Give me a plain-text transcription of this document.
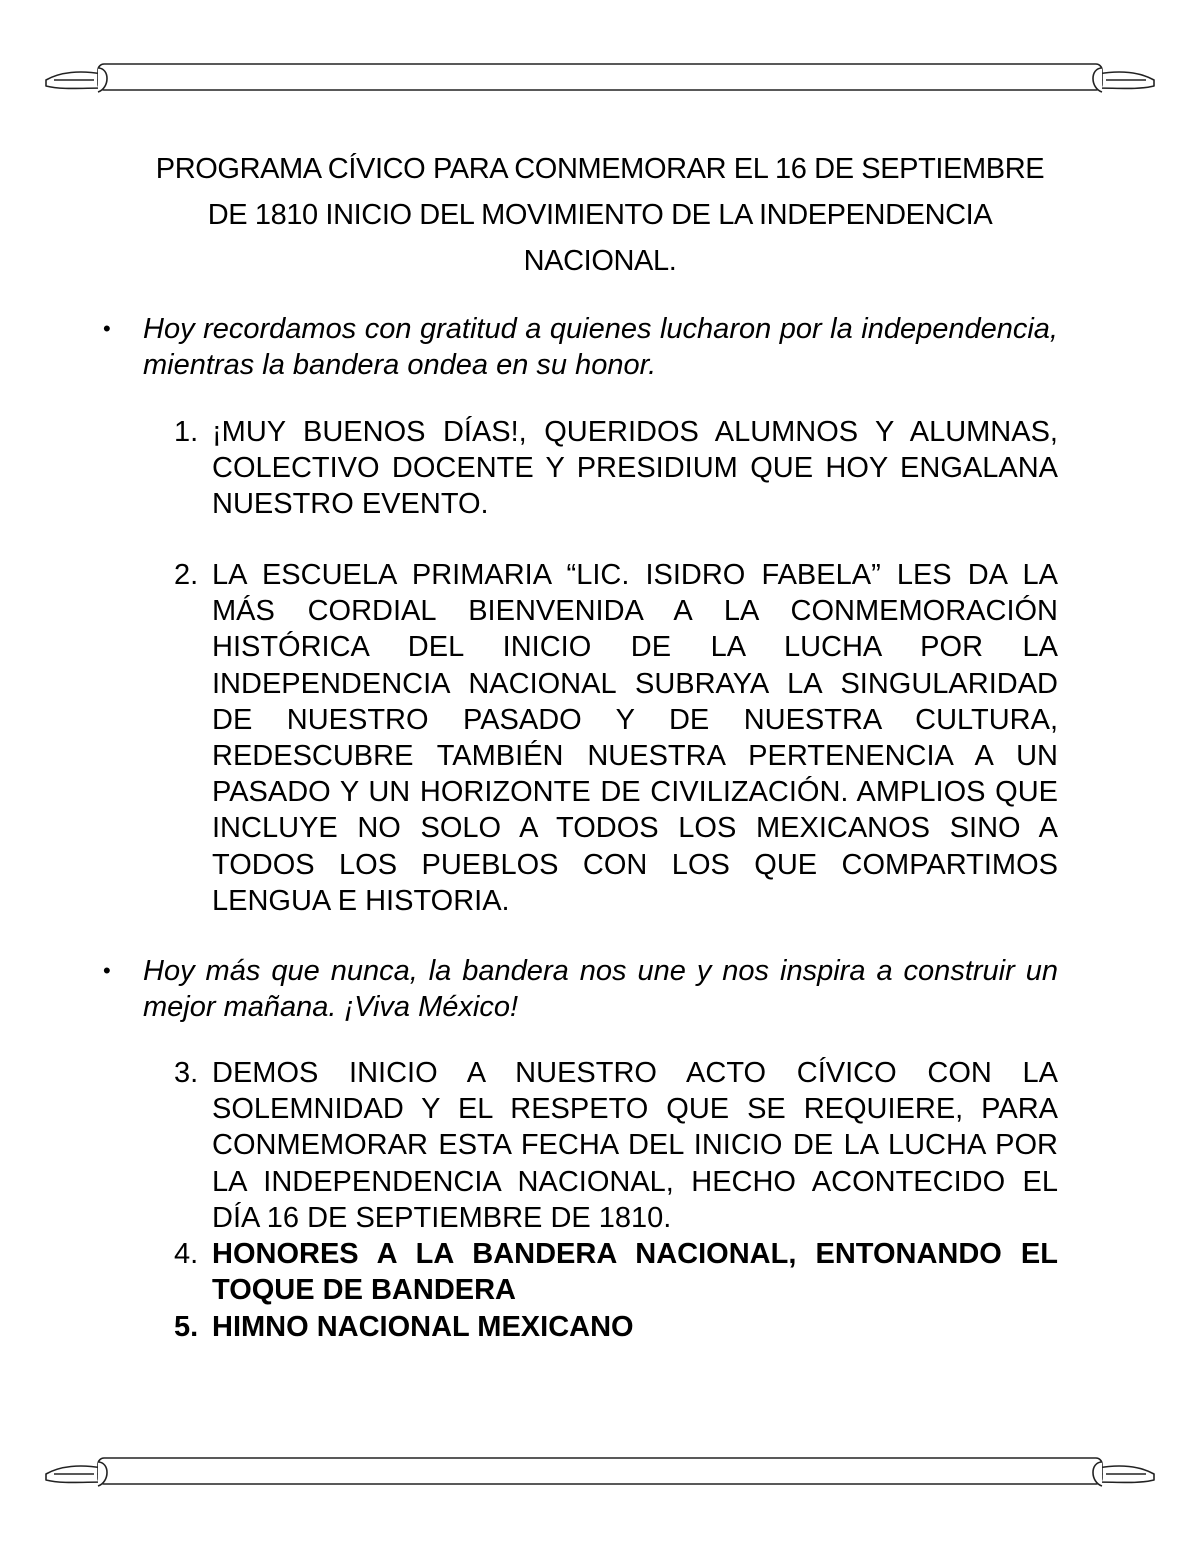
PROGRAMA CÍVICO PARA CONMEMORAR EL 16 DE SEPTIEMBRE
DE 1810 INICIO DEL MOVIMIENTO DE LA INDEPENDENCIA
NACIONAL.
• Hoy recordamos con gratitud a quienes lucharon por la independencia, mientras la bandera ondea en su honor.
1. ¡MUY BUENOS DÍAS!, QUERIDOS ALUMNOS Y ALUMNAS, COLECTIVO DOCENTE Y PRESIDIUM QUE HOY ENGALANA NUESTRO EVENTO.
2. LA ESCUELA PRIMARIA “LIC. ISIDRO FABELA” LES DA LA MÁS CORDIAL BIENVENIDA A LA CONMEMORACIÓN HISTÓRICA DEL INICIO DE LA LUCHA POR LA INDEPENDENCIA NACIONAL SUBRAYA LA SINGULARIDAD DE NUESTRO PASADO Y DE NUESTRA CULTURA, REDESCUBRE TAMBIÉN NUESTRA PERTENENCIA A UN PASADO Y UN HORIZONTE DE CIVILIZACIÓN. AMPLIOS QUE INCLUYE NO SOLO A TODOS LOS MEXICANOS SINO A TODOS LOS PUEBLOS CON LOS QUE COMPARTIMOS LENGUA E HISTORIA.
• Hoy más que nunca, la bandera nos une y nos inspira a construir un mejor mañana. ¡Viva México!
3. DEMOS INICIO A NUESTRO ACTO CÍVICO CON LA SOLEMNIDAD Y EL RESPETO QUE SE REQUIERE, PARA CONMEMORAR ESTA FECHA DEL INICIO DE LA LUCHA POR LA INDEPENDENCIA NACIONAL, HECHO ACONTECIDO EL DÍA 16 DE SEPTIEMBRE DE 1810.
4. HONORES A LA BANDERA NACIONAL, ENTONANDO EL TOQUE DE BANDERA
5. HIMNO NACIONAL MEXICANO
